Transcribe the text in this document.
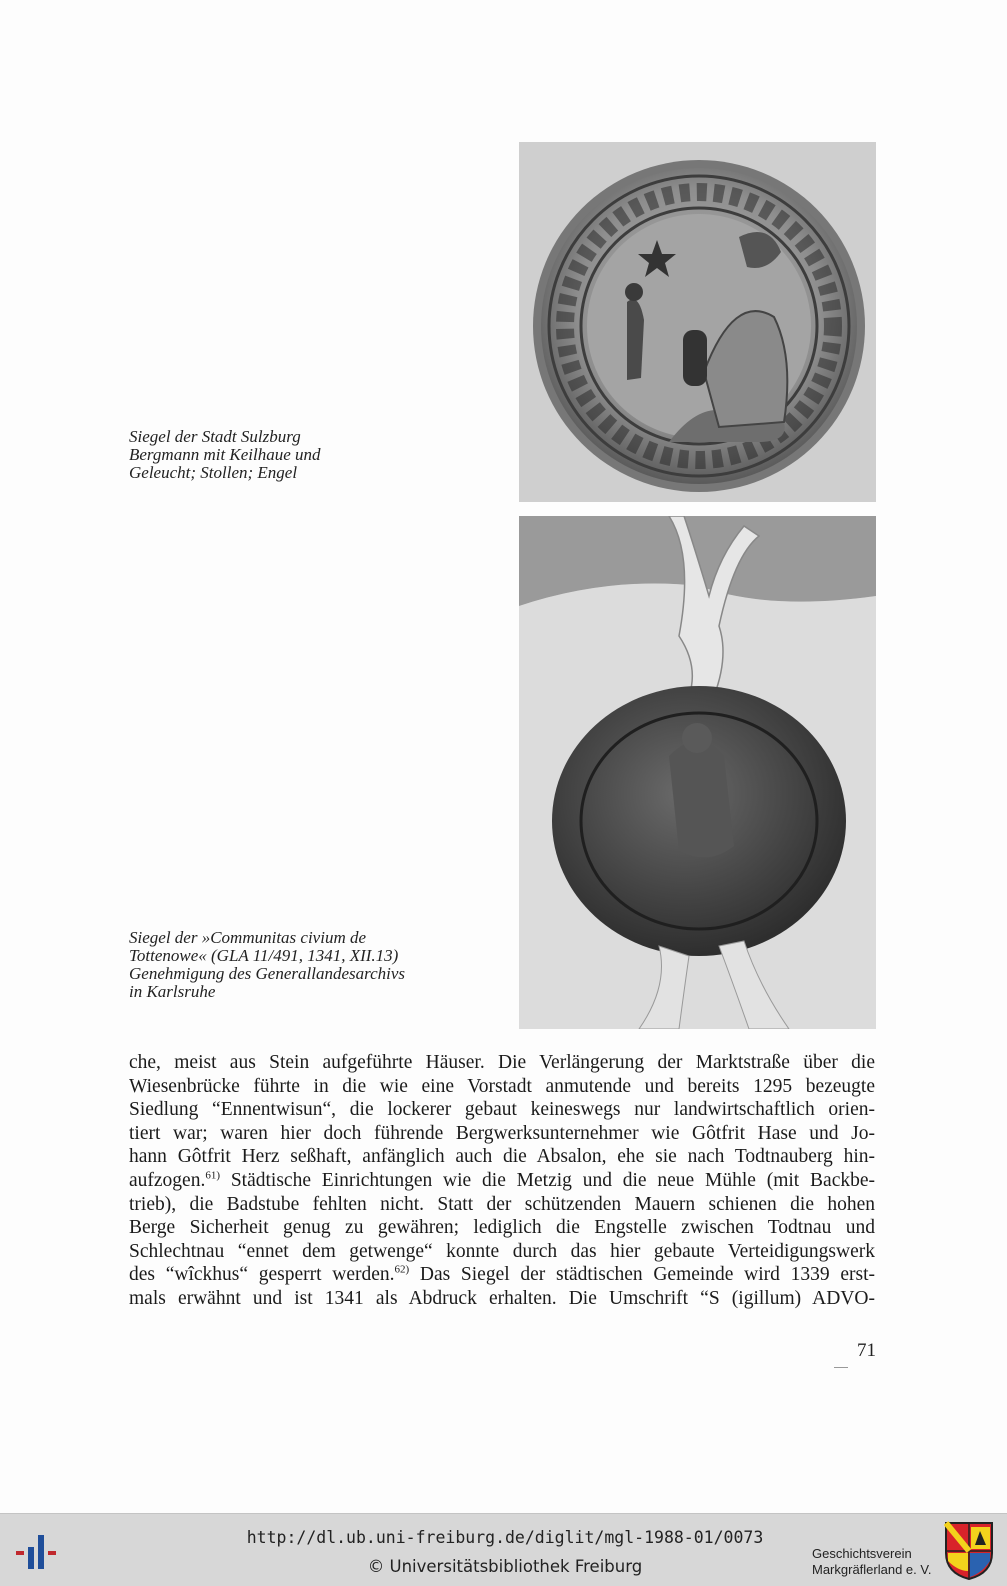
Siegel der Stadt Sulzburg
Bergmann mit Keilhaue und
Geleucht; Stollen; Engel
Siegel der »Communitas civium de
Tottenowe« (GLA 11/491, 1341, XII.13)
Genehmigung des Generallandesarchivs
in Karlsruhe
che, meist aus Stein aufgeführte Häuser. Die Verlängerung der Marktstraße über die
Wiesenbrücke führte in die wie eine Vorstadt anmutende und bereits 1295 bezeugte
Siedlung “Ennentwisun“, die lockerer gebaut keineswegs nur landwirtschaftlich orien-
tiert war; waren hier doch führende Bergwerksunternehmer wie Gôtfrit Hase und Jo-
hann Gôtfrit Herz seßhaft, anfänglich auch die Absalon, ehe sie nach Todtnauberg hin-
aufzogen.$^{61)}$ Städtische Einrichtungen wie die Metzig und die neue Mühle (mit Backbe-
trieb), die Badstube fehlten nicht. Statt der schützenden Mauern schienen die hohen
Berge Sicherheit genug zu gewähren; lediglich die Engstelle zwischen Todtnau und
Schlechtnau “ennet dem getwenge“ konnte durch das hier gebaute Verteidigungswerk
des “wîckhus“ gesperrt werden.$^{62)}$ Das Siegel der städtischen Gemeinde wird 1339 erst-
mals erwähnt und ist 1341 als Abdruck erhalten. Die Umschrift “S (igillum) ADVO-
71
http://dl.ub.uni-freiburg.de/diglit/mgl-1988-01/0073
© Universitätsbibliothek Freiburg
Geschichtsverein
Markgräflerland e. V.
